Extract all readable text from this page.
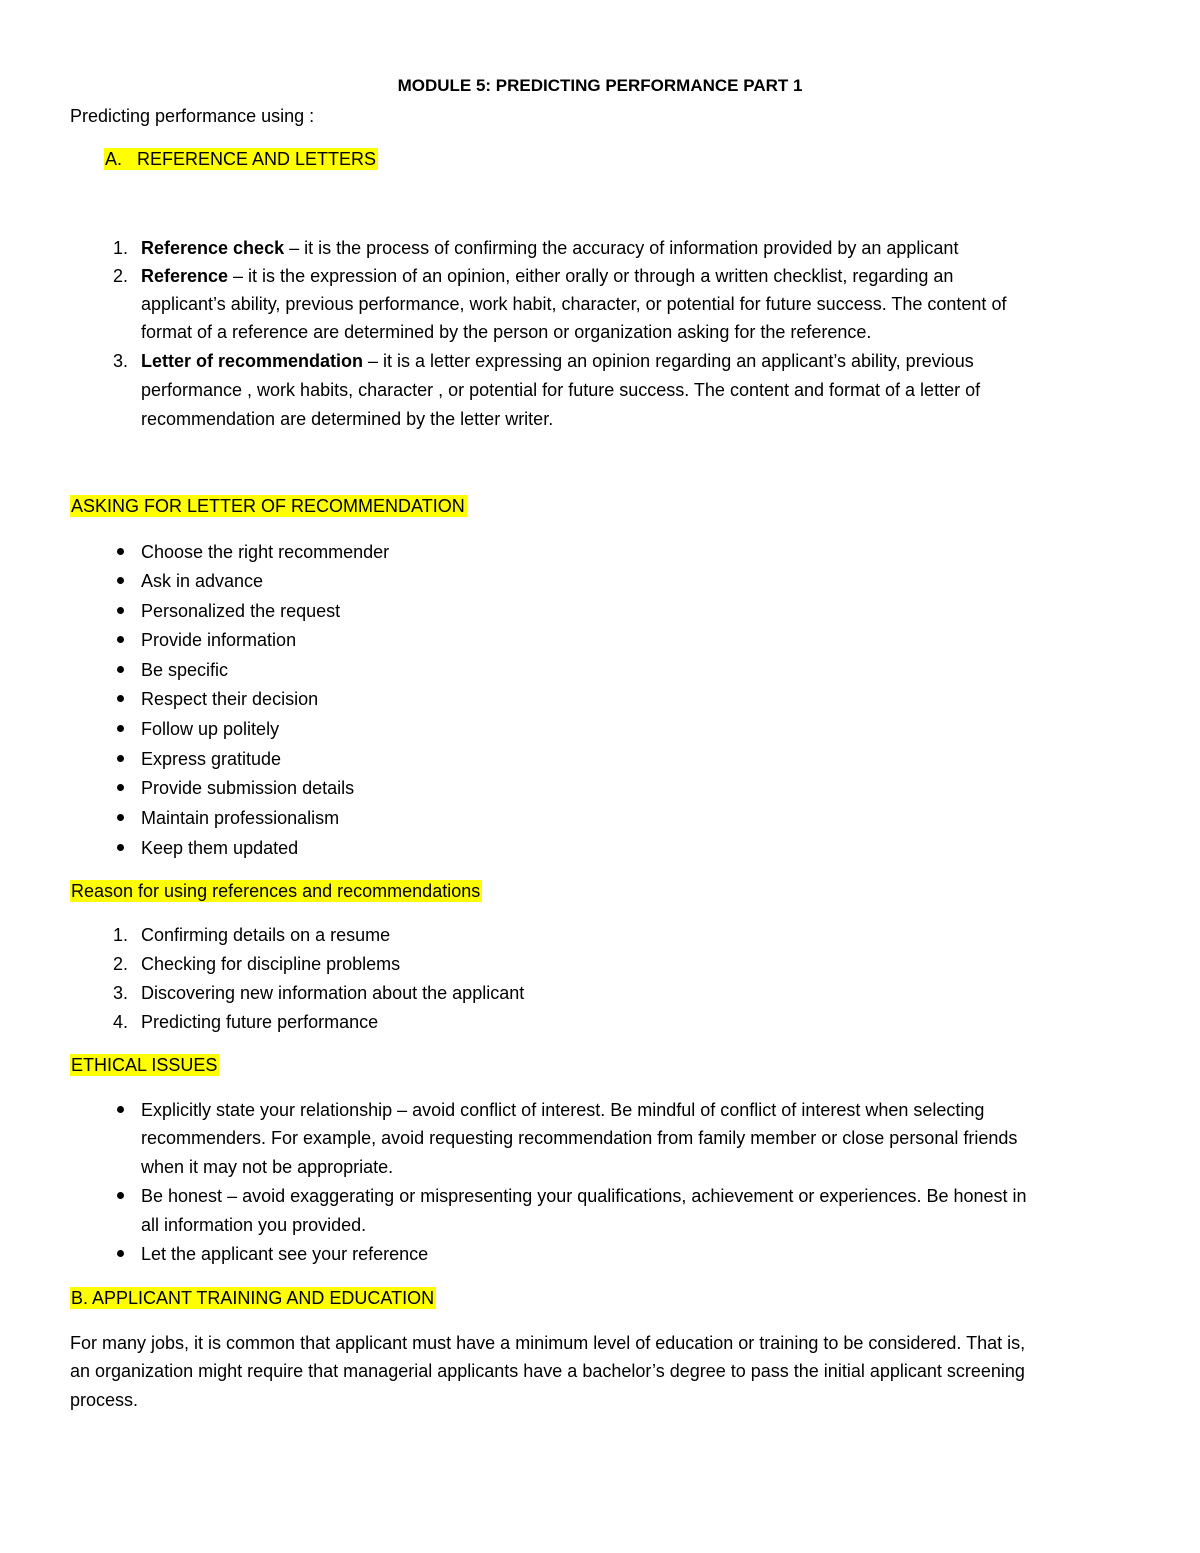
MODULE 5: PREDICTING PERFORMANCE PART 1
Predicting performance using :
A. REFERENCE AND LETTERS
1. Reference check – it is the process of confirming the accuracy of information provided by an applicant
2. Reference – it is the expression of an opinion, either orally or through a written checklist, regarding an
applicant’s ability, previous performance, work habit, character, or potential for future success. The content of
format of a reference are determined by the person or organization asking for the reference.
3. Letter of recommendation – it is a letter expressing an opinion regarding an applicant’s ability, previous
performance , work habits, character , or potential for future success. The content and format of a letter of
recommendation are determined by the letter writer.
ASKING FOR LETTER OF RECOMMENDATION
Choose the right recommender
Ask in advance
Personalized the request
Provide information
Be specific
Respect their decision
Follow up politely
Express gratitude
Provide submission details
Maintain professionalism
Keep them updated
Reason for using references and recommendations
1. Confirming details on a resume
2. Checking for discipline problems
3. Discovering new information about the applicant
4. Predicting future performance
ETHICAL ISSUES
Explicitly state your relationship – avoid conflict of interest. Be mindful of conflict of interest when selecting
recommenders. For example, avoid requesting recommendation from family member or close personal friends
when it may not be appropriate.
Be honest – avoid exaggerating or mispresenting your qualifications, achievement or experiences. Be honest in
all information you provided.
Let the applicant see your reference
B. APPLICANT TRAINING AND EDUCATION
For many jobs, it is common that applicant must have a minimum level of education or training to be considered. That is,
an organization might require that managerial applicants have a bachelor’s degree to pass the initial applicant screening
process.
